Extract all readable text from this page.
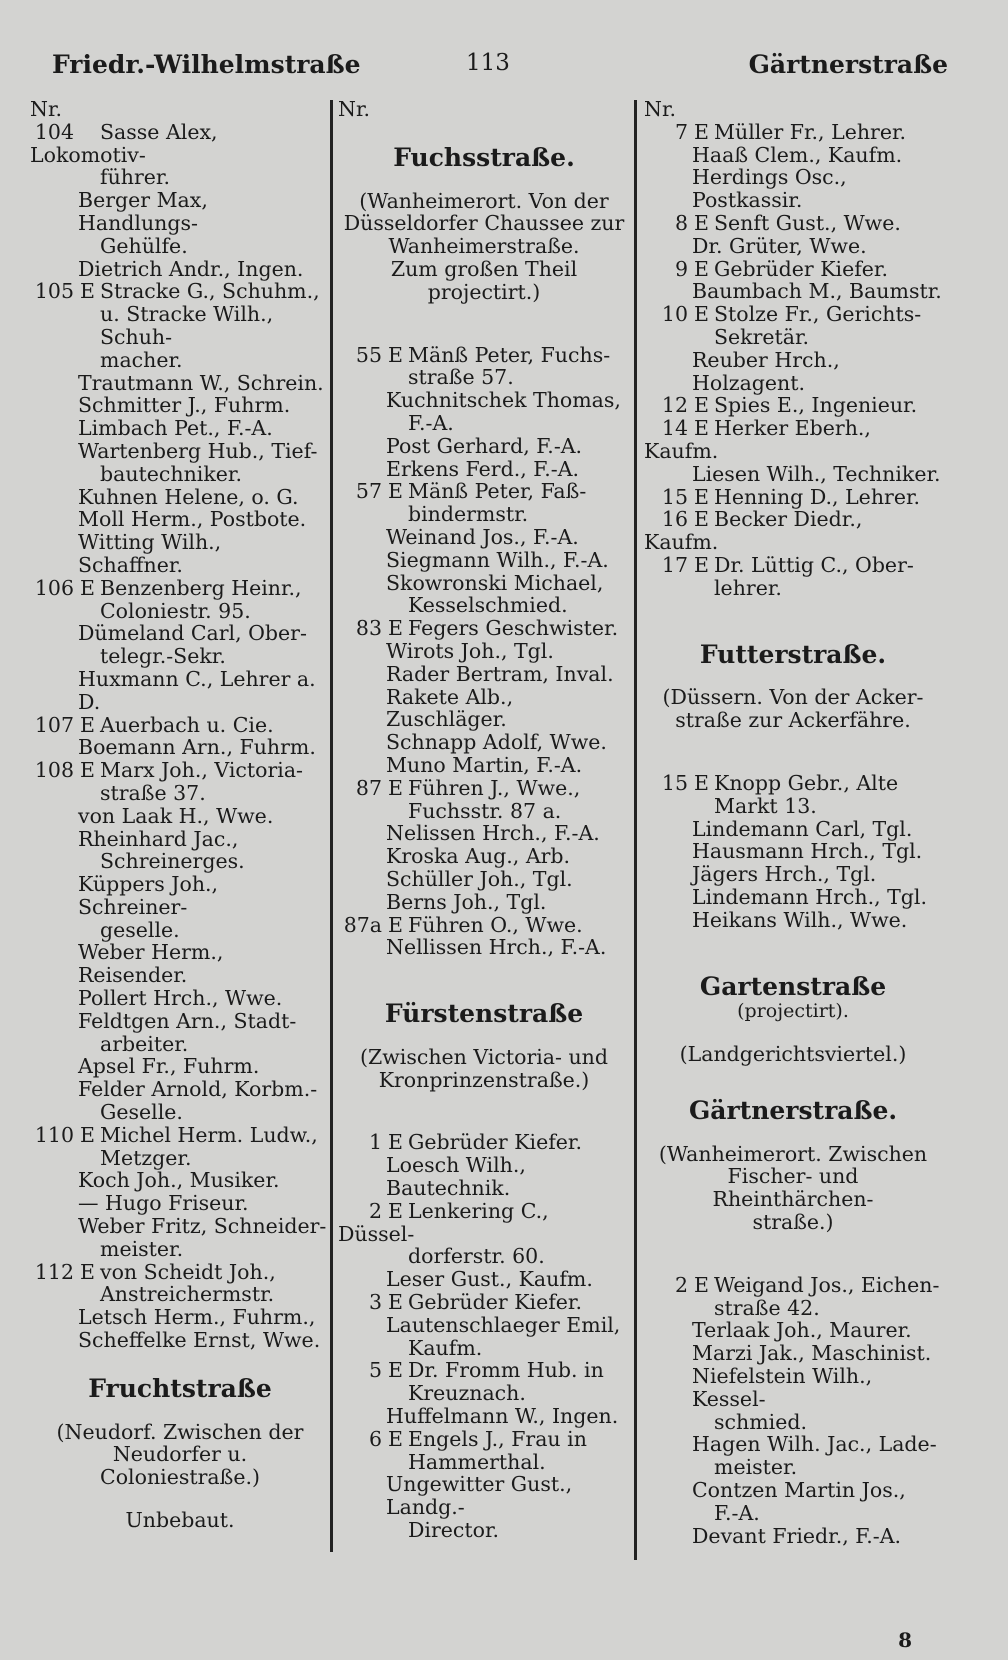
Friedr.-Wilhelmstraße	113	Gärtnerstraße
Nr.
104 Sasse Alex, Lokomotiv-
führer.
Berger Max, Handlungs-
Gehülfe.
Dietrich Andr., Ingen.
105 E Stracke G., Schuhm.,
u. Stracke Wilh., Schuh-
macher.
Trautmann W., Schrein.
Schmitter J., Fuhrm.
Limbach Pet., F.-A.
Wartenberg Hub., Tief-
bautechniker.
Kuhnen Helene, o. G.
Moll Herm., Postbote.
Witting Wilh., Schaffner.
106 E Benzenberg Heinr.,
Coloniestr. 95.
Dümeland Carl, Ober-
telegr.-Sekr.
Huxmann C., Lehrer a. D.
107 E Auerbach u. Cie.
Boemann Arn., Fuhrm.
108 E Marx Joh., Victoria-
straße 37.
von Laak H., Wwe.
Rheinhard Jac.,
Schreinerges.
Küppers Joh., Schreiner-
geselle.
Weber Herm., Reisender.
Pollert Hrch., Wwe.
Feldtgen Arn., Stadt-
arbeiter.
Apsel Fr., Fuhrm.
Felder Arnold, Korbm.-
Geselle.
110 E Michel Herm. Ludw.,
Metzger.
Koch Joh., Musiker.
— Hugo Friseur.
Weber Fritz, Schneider-
meister.
112 E von Scheidt Joh.,
Anstreichermstr.
Letsch Herm., Fuhrm.,
Scheffelke Ernst, Wwe.
Fruchtstraße
(Neudorf. Zwischen der
Neudorfer u. Coloniestraße.)
Unbebaut.
Nr.
Fuchsstraße.
(Wanheimerort. Von der
Düsseldorfer Chaussee zur
Wanheimerstraße.
Zum großen Theil projectirt.)
55 E Mänß Peter, Fuchs-
straße 57.
Kuchnitschek Thomas,
F.-A.
Post Gerhard, F.-A.
Erkens Ferd., F.-A.
57 E Mänß Peter, Faß-
bindermstr.
Weinand Jos., F.-A.
Siegmann Wilh., F.-A.
Skowronski Michael,
Kesselschmied.
83 E Fegers Geschwister.
Wirots Joh., Tgl.
Rader Bertram, Inval.
Rakete Alb., Zuschläger.
Schnapp Adolf, Wwe.
Muno Martin, F.-A.
87 E Führen J., Wwe.,
Fuchsstr. 87 a.
Nelissen Hrch., F.-A.
Kroska Aug., Arb.
Schüller Joh., Tgl.
Berns Joh., Tgl.
87a E Führen O., Wwe.
Nellissen Hrch., F.-A.
Fürstenstraße
(Zwischen Victoria- und
Kronprinzenstraße.)
1 E Gebrüder Kiefer.
Loesch Wilh., Bautechnik.
2 E Lenkering C., Düssel-
dorferstr. 60.
Leser Gust., Kaufm.
3 E Gebrüder Kiefer.
Lautenschlaeger Emil,
Kaufm.
5 E Dr. Fromm Hub. in
Kreuznach.
Huffelmann W., Ingen.
6 E Engels J., Frau in
Hammerthal.
Ungewitter Gust., Landg.-
Director.
Nr.
7 E Müller Fr., Lehrer.
Haaß Clem., Kaufm.
Herdings Osc., Postkassir.
8 E Senft Gust., Wwe.
Dr. Grüter, Wwe.
9 E Gebrüder Kiefer.
Baumbach M., Baumstr.
10 E Stolze Fr., Gerichts-
Sekretär.
Reuber Hrch., Holzagent.
12 E Spies E., Ingenieur.
14 E Herker Eberh., Kaufm.
Liesen Wilh., Techniker.
15 E Henning D., Lehrer.
16 E Becker Diedr., Kaufm.
17 E Dr. Lüttig C., Ober-
lehrer.
Futterstraße.
(Düssern. Von der Acker-
straße zur Ackerfähre.
15 E Knopp Gebr., Alte
Markt 13.
Lindemann Carl, Tgl.
Hausmann Hrch., Tgl.
Jägers Hrch., Tgl.
Lindemann Hrch., Tgl.
Heikans Wilh., Wwe.
Gartenstraße (projectirt).
(Landgerichtsviertel.)
Gärtnerstraße.
(Wanheimerort. Zwischen
Fischer- und Rheinthärchen-
straße.)
2 E Weigand Jos., Eichen-
straße 42.
Terlaak Joh., Maurer.
Marzi Jak., Maschinist.
Niefelstein Wilh., Kessel-
schmied.
Hagen Wilh. Jac., Lade-
meister.
Contzen Martin Jos.,
F.-A.
Devant Friedr., F.-A.
8
